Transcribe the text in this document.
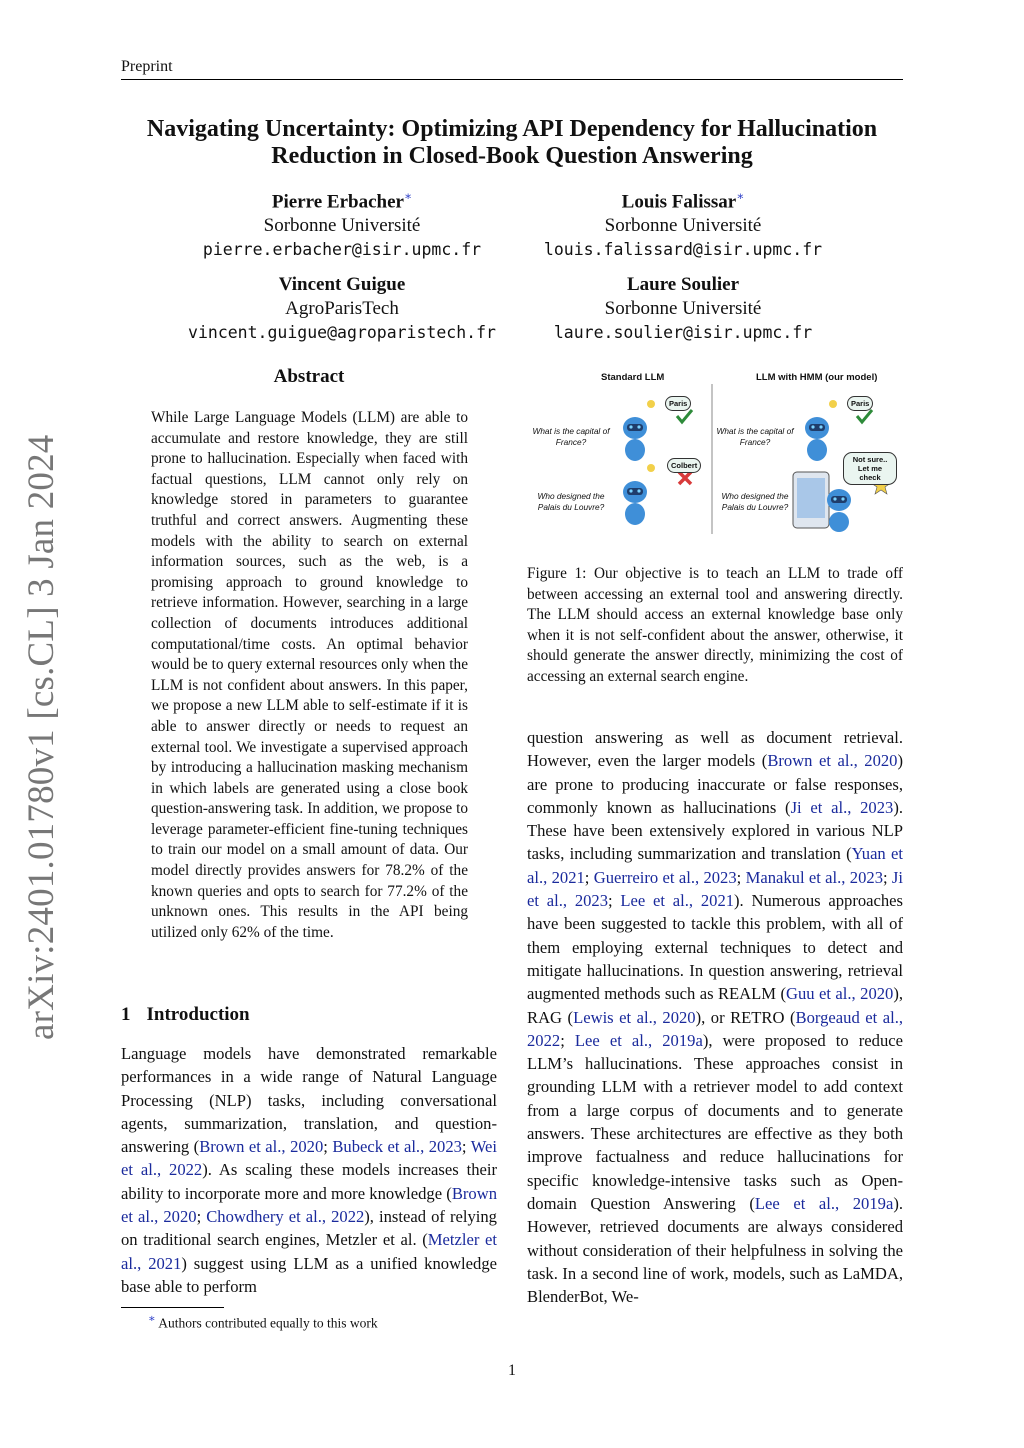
Preprint
Navigating Uncertainty: Optimizing API Dependency for Hallucination Reduction in Closed-Book Question Answering
Pierre Erbacher∗
Sorbonne Université
pierre.erbacher@isir.upmc.fr
Louis Falissar∗
Sorbonne Université
louis.falissard@isir.upmc.fr
Vincent Guigue
AgroParisTech
vincent.guigue@agroparistech.fr
Laure Soulier
Sorbonne Université
laure.soulier@isir.upmc.fr
arXiv:2401.01780v1 [cs.CL] 3 Jan 2024
Abstract
While Large Language Models (LLM) are able to accumulate and restore knowledge, they are still prone to hallucination. Especially when faced with factual questions, LLM cannot only rely on knowledge stored in parameters to guarantee truthful and correct answers. Augmenting these models with the ability to search on external information sources, such as the web, is a promising approach to ground knowledge to retrieve information. However, searching in a large collection of documents introduces additional computational/time costs. An optimal behavior would be to query external resources only when the LLM is not confident about answers. In this paper, we propose a new LLM able to self-estimate if it is able to answer directly or needs to request an external tool. We investigate a supervised approach by introducing a hallucination masking mechanism in which labels are generated using a close book question-answering task. In addition, we propose to leverage parameter-efficient fine-tuning techniques to train our model on a small amount of data. Our model directly provides answers for 78.2% of the known queries and opts to search for 77.2% of the unknown ones. This results in the API being utilized only 62% of the time.
1 Introduction
Language models have demonstrated remarkable performances in a wide range of Natural Language Processing (NLP) tasks, including conversational agents, summarization, translation, and question-answering (Brown et al., 2020; Bubeck et al., 2023; Wei et al., 2022). As scaling these models increases their ability to incorporate more and more knowledge (Brown et al., 2020; Chowdhery et al., 2022), instead of relying on traditional search engines, Metzler et al. (Metzler et al., 2021) suggest using LLM as a unified knowledge base able to perform
question answering as well as document retrieval. However, even the larger models (Brown et al., 2020) are prone to producing inaccurate or false responses, commonly known as hallucinations (Ji et al., 2023). These have been extensively explored in various NLP tasks, including summarization and translation (Yuan et al., 2021; Guerreiro et al., 2023; Manakul et al., 2023; Ji et al., 2023; Lee et al., 2021). Numerous approaches have been suggested to tackle this problem, with all of them employing external techniques to detect and mitigate hallucinations. In question answering, retrieval augmented methods such as REALM (Guu et al., 2020), RAG (Lewis et al., 2020), or RETRO (Borgeaud et al., 2022; Lee et al., 2019a), were proposed to reduce LLM’s hallucinations. These approaches consist in grounding LLM with a retriever model to add context from a large corpus of documents and to generate answers. These architectures are effective as they both improve factualness and reduce hallucinations for specific knowledge-intensive tasks such as Open-domain Question Answering (Lee et al., 2019a). However, retrieved documents are always considered without consideration of their helpfulness in solving the task. In a second line of work, models, such as LaMDA, BlenderBot, We-
Standard LLM	LLM with HMM (our model)
What is the capital of France?
Who designed the Palais du Louvre?
What is the capital of France?
Who designed the Palais du Louvre?
Paris
Colbert
Paris
Not sure.. Let me check
Figure 1: Our objective is to teach an LLM to trade off between accessing an external tool and answering directly. The LLM should access an external knowledge base only when it is not self-confident about the answer, otherwise, it should generate the answer directly, minimizing the cost of accessing an external search engine.
∗ Authors contributed equally to this work
1
